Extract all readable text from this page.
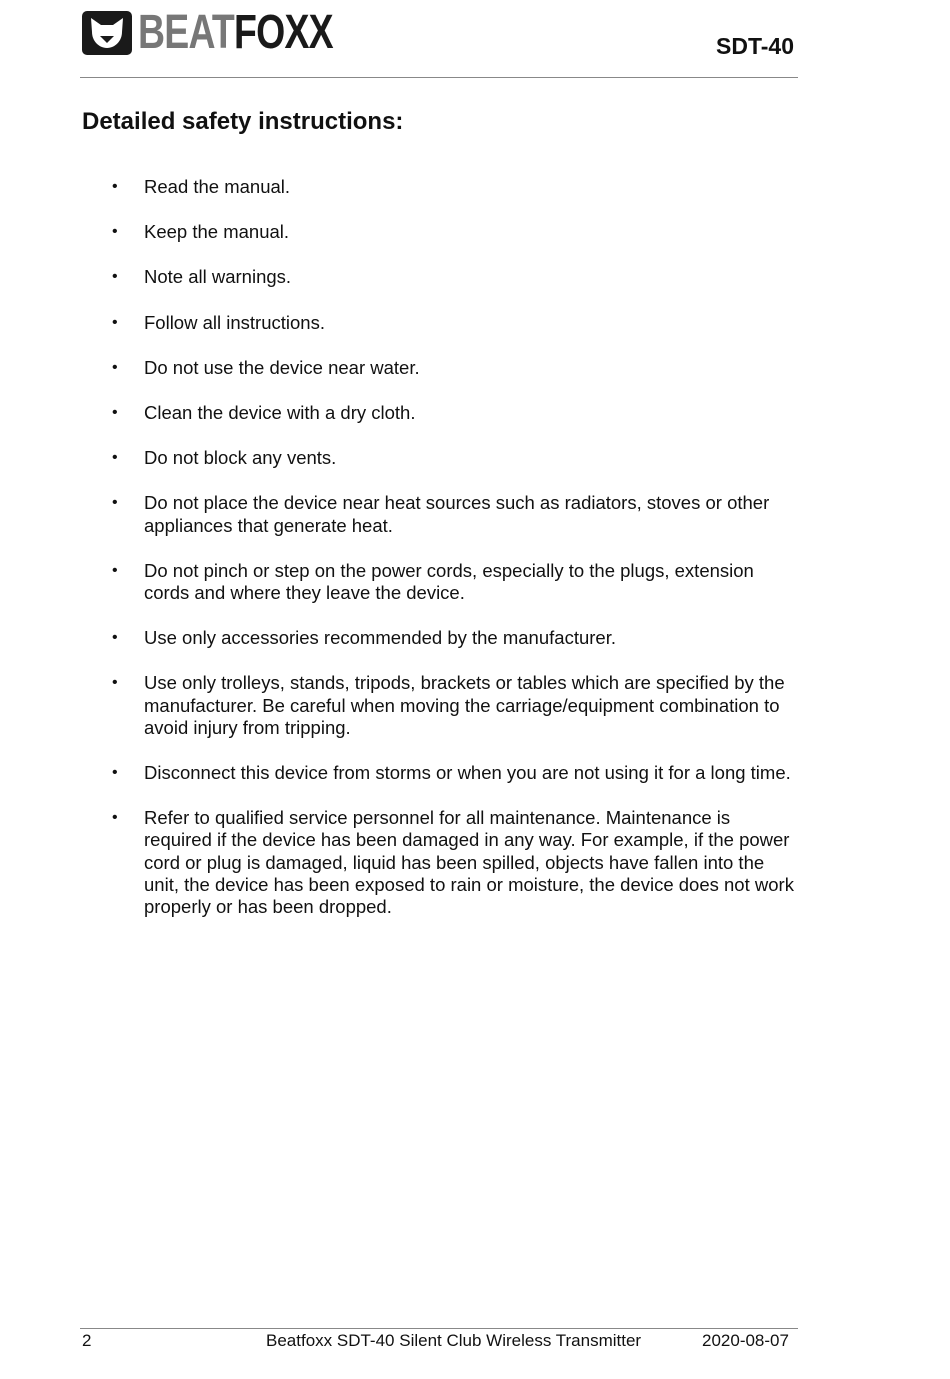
BEATFOXX	SDT-40
Detailed safety instructions:
• Read the manual.
• Keep the manual.
• Note all warnings.
• Follow all instructions.
• Do not use the device near water.
• Clean the device with a dry cloth.
• Do not block any vents.
• Do not place the device near heat sources such as radiators, stoves or other appliances that generate heat.
• Do not pinch or step on the power cords, especially to the plugs, extension cords and where they leave the device.
• Use only accessories recommended by the manufacturer.
• Use only trolleys, stands, tripods, brackets or tables which are specified by the manufacturer. Be careful when moving the carriage/equipment combination to avoid injury from tripping.
• Disconnect this device from storms or when you are not using it for a long time.
• Refer to qualified service personnel for all maintenance. Maintenance is required if the device has been damaged in any way. For example, if the power cord or plug is damaged, liquid has been spilled, objects have fallen into the unit, the device has been exposed to rain or moisture, the device does not work properly or has been dropped.
2	Beatfoxx SDT-40 Silent Club Wireless Transmitter	2020-08-07
